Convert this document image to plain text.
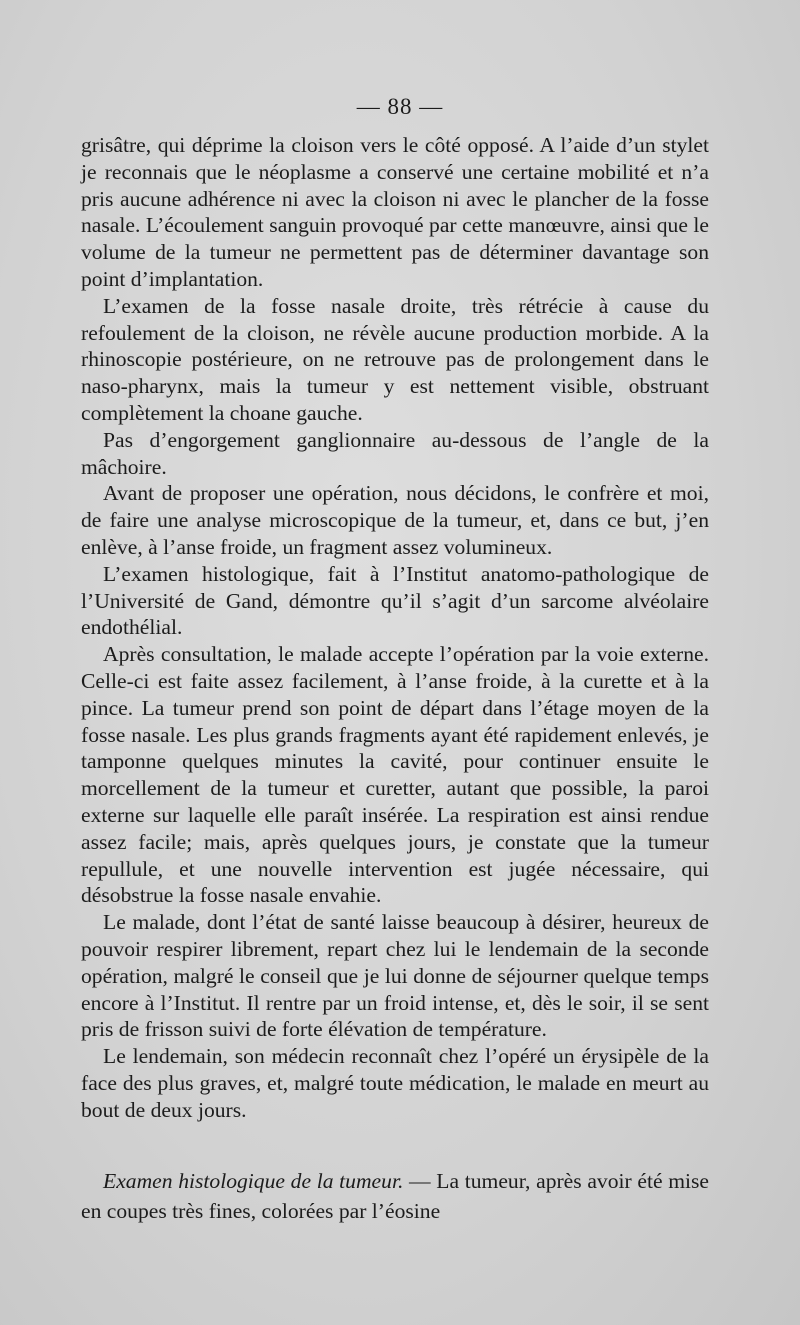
— 88 —

grisâtre, qui déprime la cloison vers le côté opposé. A l’aide d’un stylet je reconnais que le néoplasme a conservé une certaine mobilité et n’a pris aucune adhérence ni avec la cloison ni avec le plancher de la fosse nasale. L’écoulement sanguin provoqué par cette manœuvre, ainsi que le volume de la tumeur ne permettent pas de déterminer davantage son point d’implantation.

L’examen de la fosse nasale droite, très rétrécie à cause du refoulement de la cloison, ne révèle aucune production morbide. A la rhinoscopie postérieure, on ne retrouve pas de prolongement dans le naso-pharynx, mais la tumeur y est nettement visible, obstruant complètement la choane gauche.

Pas d’engorgement ganglionnaire au-dessous de l’angle de la mâchoire.

Avant de proposer une opération, nous décidons, le confrère et moi, de faire une analyse microscopique de la tumeur, et, dans ce but, j’en enlève, à l’anse froide, un fragment assez volumineux.

L’examen histologique, fait à l’Institut anatomo-pathologique de l’Université de Gand, démontre qu’il s’agit d’un sarcome alvéolaire endothélial.

Après consultation, le malade accepte l’opération par la voie externe. Celle-ci est faite assez facilement, à l’anse froide, à la curette et à la pince. La tumeur prend son point de départ dans l’étage moyen de la fosse nasale. Les plus grands fragments ayant été rapidement enlevés, je tamponne quelques minutes la cavité, pour continuer ensuite le morcellement de la tumeur et curetter, autant que possible, la paroi externe sur laquelle elle paraît insérée. La respiration est ainsi rendue assez facile; mais, après quelques jours, je constate que la tumeur repullule, et une nouvelle intervention est jugée nécessaire, qui désobstrue la fosse nasale envahie.

Le malade, dont l’état de santé laisse beaucoup à désirer, heureux de pouvoir respirer librement, repart chez lui le lendemain de la seconde opération, malgré le conseil que je lui donne de séjourner quelque temps encore à l’Institut. Il rentre par un froid intense, et, dès le soir, il se sent pris de frisson suivi de forte élévation de température.

Le lendemain, son médecin reconnaît chez l’opéré un érysipèle de la face des plus graves, et, malgré toute médication, le malade en meurt au bout de deux jours.

Examen histologique de la tumeur. — La tumeur, après avoir été mise en coupes très fines, colorées par l’éosine
